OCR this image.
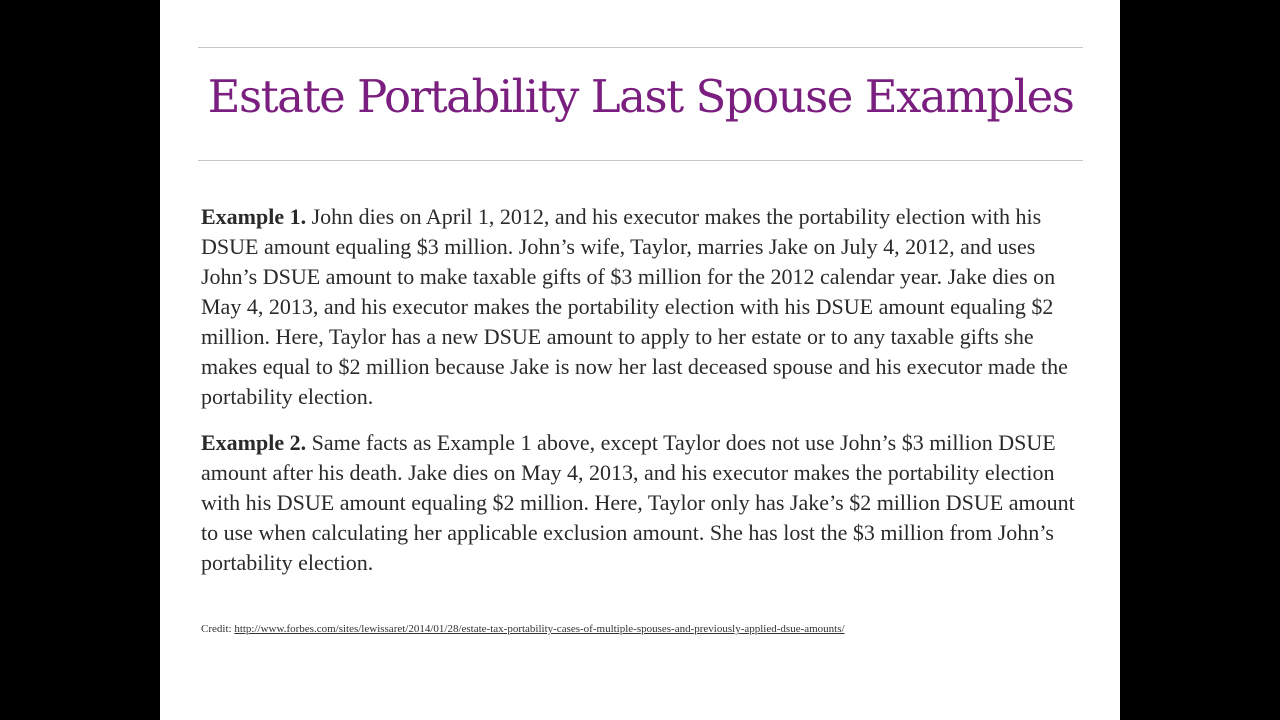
Estate Portability Last Spouse Examples

Example 1. John dies on April 1, 2012, and his executor makes the portability election with his DSUE amount equaling $3 million. John’s wife, Taylor, marries Jake on July 4, 2012, and uses John’s DSUE amount to make taxable gifts of $3 million for the 2012 calendar year. Jake dies on May 4, 2013, and his executor makes the portability election with his DSUE amount equaling $2 million. Here, Taylor has a new DSUE amount to apply to her estate or to any taxable gifts she makes equal to $2 million because Jake is now her last deceased spouse and his executor made the portability election.

Example 2. Same facts as Example 1 above, except Taylor does not use John’s $3 million DSUE amount after his death. Jake dies on May 4, 2013, and his executor makes the portability election with his DSUE amount equaling $2 million. Here, Taylor only has Jake’s $2 million DSUE amount to use when calculating her applicable exclusion amount. She has lost the $3 million from John’s portability election.

Credit: http://www.forbes.com/sites/lewissaret/2014/01/28/estate-tax-portability-cases-of-multiple-spouses-and-previously-applied-dsue-amounts/
